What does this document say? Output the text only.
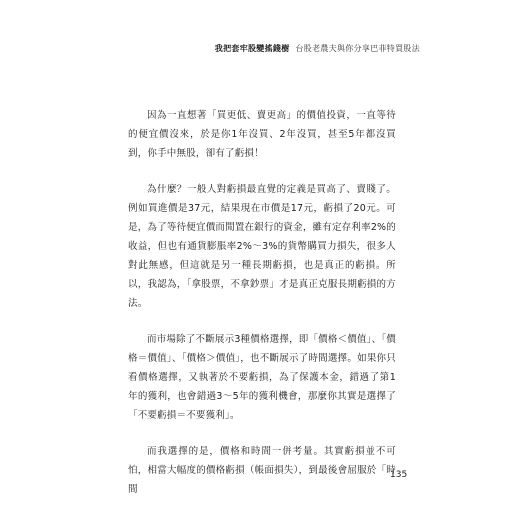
我把套牢股變搖錢樹 台股老農夫與你分享巴菲特買股法

因為一直想著「買更低、賣更高」的價值投資，一直等待的便宜價沒來，於是你1年沒買、2年沒買，甚至5年都沒買到，你手中無股，卻有了虧損！

為什麼？一般人對虧損最直覺的定義是買高了、賣賤了。例如買進價是37元，結果現在市價是17元，虧損了20元。可是，為了等待便宜價而閒置在銀行的資金，雖有定存利率2%的收益，但也有通貨膨脹率2%～3%的貨幣購買力損失，很多人對此無感，但這就是另一種長期虧損，也是真正的虧損。所以，我認為，「拿股票，不拿鈔票」才是真正克服長期虧損的方法。

而市場除了不斷展示3種價格選擇，即「價格＜價值」、「價格＝價值」、「價格＞價值」，也不斷展示了時間選擇。如果你只看價格選擇，又執著於不要虧損，為了保護本金，錯過了第1年的獲利，也會錯過3～5年的獲利機會，那麼你其實是選擇了「不要虧損＝不要獲利」。

而我選擇的是，價格和時間一併考量。其實虧損並不可怕，相當大幅度的價格虧損（帳面損失），到最後會屈服於「時間

135
